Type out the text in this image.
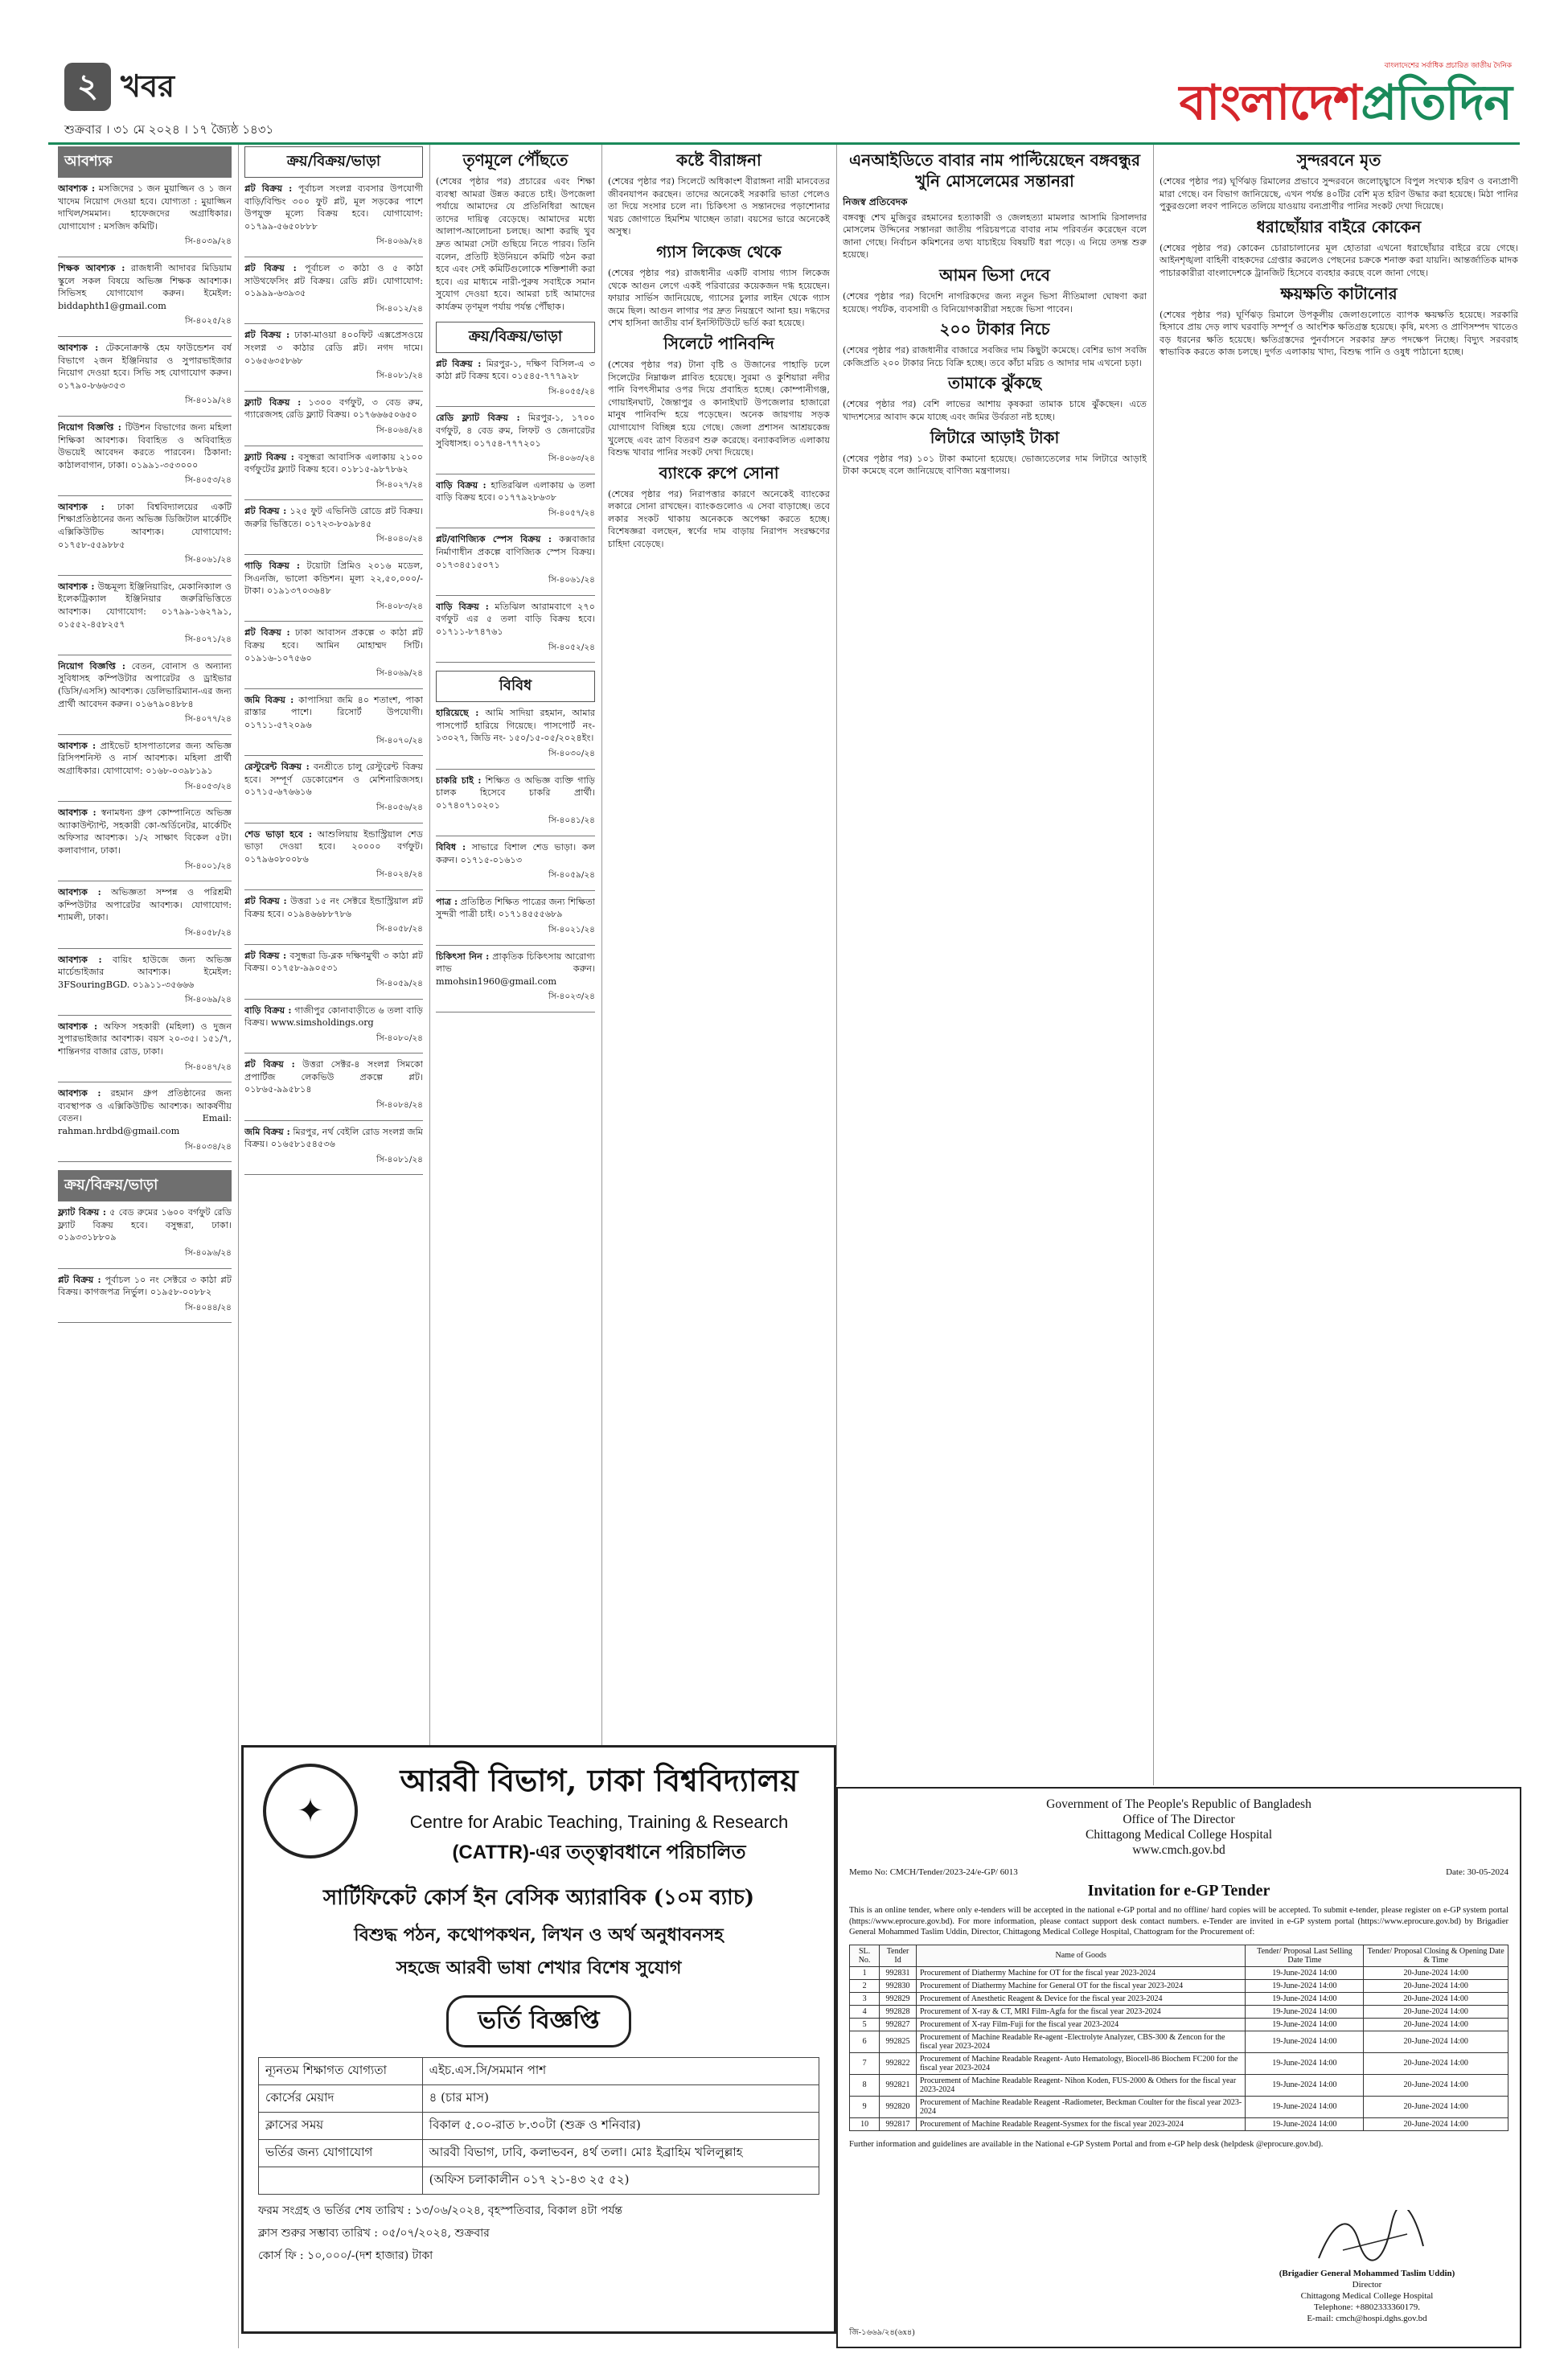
২ খবর
শুক্রবার । ৩১ মে ২০২৪ । ১৭ জ্যৈষ্ঠ ১৪৩১
বাংলাদেশের সর্বাধিক প্রচারিত জাতীয় দৈনিক
বাংলাদেশপ্রতিদিন
আবশ্যক

আবশ্যক : মসজিদের ১ জন মুয়াজ্জিন ও ১ জন খাদেম নিয়োগ দেওয়া হবে। যোগ্যতা : মুয়াজ্জিন দাখিল/সমমান। হাফেজদের অগ্রাধিকার। যোগাযোগ : মসজিদ কমিটি।

সি-৪০৩৯/২৪

শিক্ষক আবশ্যক : রাজধানী আদাবর মিডিয়াম স্কুলে সকল বিষয়ে অভিজ্ঞ শিক্ষক আবশ্যক। সিভিসহ যোগাযোগ করুন। ইমেইল: biddaphth1@gmail.com

সি-৪০২৫/২৪

আবশ্যক : টেকনোক্রাফ্ট হেম ফাউন্ডেশন বর্ষ বিভাগে ২জন ইঞ্জিনিয়ার ও সুপারভাইজার নিয়োগ দেওয়া হবে। সিভি সহ যোগাযোগ করুন। ০১৭৯০-৮৬৬৩৫৩

সি-৪০১৯/২৪

নিয়োগ বিজ্ঞপ্তি : টিউশন বিভাগের জন্য মহিলা শিক্ষিকা আবশ্যক। বিবাহিত ও অবিবাহিত উভয়েই আবেদন করতে পারবেন। ঠিকানা: কাঠালবাগান, ঢাকা। ০১৯৯১-৩৫৩০০০

সি-৪০৫৩/২৪

আবশ্যক : ঢাকা বিশ্ববিদ্যালয়ের একটি শিক্ষাপ্রতিষ্ঠানের জন্য অভিজ্ঞ ডিজিটাল মার্কেটিং এক্সিকিউটিভ আবশ্যক। যোগাযোগ: ০১৭৫৮-৫৫৯৮৮৫

সি-৪০৬১/২৪

আবশ্যক : উচ্চমূল্য ইঞ্জিনিয়ারিং, মেকানিক্যাল ও ইলেকট্রিক্যাল ইঞ্জিনিয়ার জরুরিভিত্তিতে আবশ্যক। যোগাযোগ: ০১৭৯৯-১৬২৭৯১, ০১৫৫২-৪৫৮২৫৭

সি-৪০৭১/২৪

নিয়োগ বিজ্ঞপ্তি : বেতন, বোনাস ও অন্যান্য সুবিধাসহ কম্পিউটার অপারেটর ও ড্রাইভার (ডিসি/এসসি) আবশ্যক। ডেলিভারিম্যান-এর জন্য প্রার্থী আবেদন করুন। ০১৬৭৯০৪৮৮৪

সি-৪০৭৭/২৪

আবশ্যক : প্রাইভেট হাসপাতালের জন্য অভিজ্ঞ রিসিপশনিস্ট ও নার্স আবশ্যক। মহিলা প্রার্থী অগ্রাধিকার। যোগাযোগ: ০১৬৮-০৩৯৮১৯১

সি-৪০৫৩/২৪

আবশ্যক : স্বনামধন্য গ্রুপ কোম্পানিতে অভিজ্ঞ অ্যাকাউন্ট্যান্ট, সহকারী কো-অর্ডিনেটর, মার্কেটিং অফিসার আবশ্যক। ১/২ সাক্ষাৎ বিকেল ৫টা। কলাবাগান, ঢাকা।

সি-৪০০১/২৪

আবশ্যক : অভিজ্ঞতা সম্পন্ন ও পরিশ্রমী কম্পিউটার অপারেটর আবশ্যক। যোগাযোগ: শ্যামলী, ঢাকা।

সি-৪০৫৮/২৪

আবশ্যক : বায়িং হাউজে জন্য অভিজ্ঞ মার্চেন্ডাইজার আবশ্যক। ইমেইল: 3FSouringBGD. ০১৯১১-৩৫৬৬৬

সি-৪০৬৯/২৪

আবশ্যক : অফিস সহকারী (মহিলা) ও দুজন সুপারভাইজার আবশ্যক। বয়স ২০-৩৫। ১৫১/৭, শান্তিনগর বাজার রোড, ঢাকা।

সি-৪০৪৭/২৪

আবশ্যক : রহমান গ্রুপ প্রতিষ্ঠানের জন্য ব্যবস্থাপক ও এক্সিকিউটিভ আবশ্যক। আকর্ষণীয় বেতন। Email: rahman.hrdbd@gmail.com

সি-৪০৩৪/২৪
ক্রয়/বিক্রয়/ভাড়া

ফ্ল্যাট বিক্রয় : ৫ বেড রুমের ১৬০০ বর্গফুট রেডি ফ্ল্যাট বিক্রয় হবে। বসুন্ধরা, ঢাকা। ০১৯৩৩১৮৮০৯

সি-৪০৯৬/২৪

প্লট বিক্রয় : পূর্বাচল ১০ নং সেক্টরে ৩ কাঠা প্লট বিক্রয়। কাগজপত্র নির্ভুল। ০১৯৫৮-০০৮৮২

সি-৪০৪৪/২৪
ক্রয়/বিক্রয়/ভাড়া

প্লট বিক্রয় : পূর্বাচল সংলগ্ন ব্যবসার উপযোগী বাড়ি/বিল্ডিং ৩০০ ফুট প্লট, মূল সড়কের পাশে উপযুক্ত মূল্যে বিক্রয় হবে। যোগাযোগ: ০১৭৯৯-৫৬৫০৮৮৮

সি-৪০৬৯/২৪

প্লট বিক্রয় : পূর্বাচল ৩ কাঠা ও ৫ কাঠা সাউথফেসিং প্লট বিক্রয়। রেডি প্লট। যোগাযোগ: ০১৯৯৯-৬৩৯৩৫

সি-৪০১২/২৪

প্লট বিক্রয় : ঢাকা-মাওয়া ৪০০ফিট এক্সপ্রেসওয়ে সংলগ্ন ৩ কাঠার রেডি প্লট। নগদ দামে। ০১৬৫৬৩৫৮৬৮

সি-৪০৮১/২৪

ফ্ল্যাট বিক্রয় : ১৩০০ বর্গফুট, ৩ বেড রুম, গ্যারেজসহ রেডি ফ্ল্যাট বিক্রয়। ০১৭৬৬৬৫০৬৫০

সি-৪০৬৪/২৪

ফ্ল্যাট বিক্রয় : বসুন্ধরা আবাসিক এলাকায় ২১০০ বর্গফুটের ফ্ল্যাট বিক্রয় হবে। ০১৮১৫-৯৮৭৮৬২

সি-৪০২৭/২৪

প্লট বিক্রয় : ১২৫ ফুট এভিনিউ রোডে প্লট বিক্রয়। জরুরি ভিত্তিতে। ০১৭২৩-৮০৯৮৪৫

সি-৪০৪০/২৪

গাড়ি বিক্রয় : টয়োটা প্রিমিও ২০১৬ মডেল, সিএনজি, ভালো কন্ডিশন। মূল্য ২২,৫০,০০০/- টাকা। ০১৯১৩৭০৩৬৪৮

সি-৪০৮৩/২৪

প্লট বিক্রয় : ঢাকা আবাসন প্রকল্পে ৩ কাঠা প্লট বিক্রয় হবে। আমিন মোহাম্মদ সিটি। ০১৯১৬-১০৭৫৬০

সি-৪০৬৯/২৪

জমি বিক্রয় : কাপাসিয়া জমি ৪০ শতাংশ, পাকা রাস্তার পাশে। রিসোর্ট উপযোগী। ০১৭১১-৫৭২০৯৬

সি-৪০৭০/২৪

রেস্টুরেন্ট বিক্রয় : বনশ্রীতে চালু রেস্টুরেন্ট বিক্রয় হবে। সম্পূর্ণ ডেকোরেশন ও মেশিনারিজসহ। ০১৭১৫-৬৭৬৬১৬

সি-৪০৫৬/২৪

শেড ভাড়া হবে : আশুলিয়ায় ইন্ডাস্ট্রিয়াল শেড ভাড়া দেওয়া হবে। ২০০০০ বর্গফুট। ০১৭৯৬০৮০০৮৬

সি-৪০২৪/২৪

প্লট বিক্রয় : উত্তরা ১৫ নং সেক্টরে ইন্ডাস্ট্রিয়াল প্লট বিক্রয় হবে। ০১৯৪৬৬৮৮৭৮৬

সি-৪০৫৮/২৪

প্লট বিক্রয় : বসুন্ধরা ডি-ব্লক দক্ষিণমুখী ৩ কাঠা প্লট বিক্রয়। ০১৭৫৮-৯৯০৫৩১

সি-৪০৫৯/২৪

বাড়ি বিক্রয় : গাজীপুর কোনাবাড়ীতে ৬ তলা বাড়ি বিক্রয়। www.simsholdings.org

সি-৪০৮০/২৪

প্লট বিক্রয় : উত্তরা সেক্টর-৪ সংলগ্ন সিমকো প্রপার্টিজ লেকভিউ প্রকল্পে প্লট। ০১৮৬৫-৯৯৫৮১৪

সি-৪০৮৪/২৪

জমি বিক্রয় : মিরপুর, নর্থ বেইলি রোড সংলগ্ন জমি বিক্রয়। ০১৬৫৮১৫৪৫৩৬

সি-৪০৮১/২৪
তৃণমূলে পৌঁছতে

(শেষের পৃষ্ঠার পর) প্রচারের এবং শিক্ষা ব্যবস্থা আমরা উন্নত করতে চাই। উপজেলা পর্যায়ে আমাদের যে প্রতিনিধিরা আছেন তাদের দায়িত্ব বেড়েছে। আমাদের মধ্যে আলাপ-আলোচনা চলছে। আশা করছি খুব দ্রুত আমরা সেটা গুছিয়ে নিতে পারব। তিনি বলেন, প্রতিটি ইউনিয়নে কমিটি গঠন করা হবে এবং সেই কমিটিগুলোকে শক্তিশালী করা হবে। এর মাধ্যমে নারী-পুরুষ সবাইকে সমান সুযোগ দেওয়া হবে। আমরা চাই আমাদের কার্যক্রম তৃণমূল পর্যায় পর্যন্ত পৌঁছাক।

ক্রয়/বিক্রয়/ভাড়া

প্লট বিক্রয় : মিরপুর-১, দক্ষিণ বিসিল-এ ৩ কাঠা প্লট বিক্রয় হবে। ০১৫৪৫-৭৭৭৯২৮

সি-৪০৫৫/২৪

রেডি ফ্ল্যাট বিক্রয় : মিরপুর-১, ১৭০০ বর্গফুট, ৪ বেড রুম, লিফট ও জেনারেটর সুবিধাসহ। ০১৭৫৪-৭৭৭২০১

সি-৪০৬৩/২৪

বাড়ি বিক্রয় : হাতিরঝিল এলাকায় ৬ তলা বাড়ি বিক্রয় হবে। ০১৭৭৯২৮৬৩৮

সি-৪০৫৭/২৪

প্লট/বাণিজ্যিক স্পেস বিক্রয় : কক্সবাজার নির্মাণাধীন প্রকল্পে বাণিজ্যিক স্পেস বিক্রয়। ০১৭৩৪৫১৫০৭১

সি-৪০৬১/২৪

বাড়ি বিক্রয় : মতিঝিল আরামবাগে ২৭০ বর্গফুট এর ৫ তলা বাড়ি বিক্রয় হবে। ০১৭১১-৮৭৪৭৬১

সি-৪০৫২/২৪
বিবিধ

হারিয়েছে : আমি সাদিয়া রহমান, আমার পাসপোর্ট হারিয়ে গিয়েছে। পাসপোর্ট নং- ১৩০২৭, জিডি নং- ১৫০/১৫-০৫/২০২৪ইং।

সি-৪০৩০/২৪

চাকরি চাই : শিক্ষিত ও অভিজ্ঞ ব্যক্তি গাড়ি চালক হিসেবে চাকরি প্রার্থী। ০১৭৪০৭১০২০১

সি-৪০৪১/২৪

বিবিধ : সাভারে বিশাল শেড ভাড়া। কল করুন। ০১৭১৫-০১৬১৩

সি-৪০৫৯/২৪

পাত্র : প্রতিষ্ঠিত শিক্ষিত পাত্রের জন্য শিক্ষিতা সুন্দরী পাত্রী চাই। ০১৭১৪৫৫৫৬৮৯

সি-৪০২১/২৪

চিকিৎসা নিন : প্রাকৃতিক চিকিৎসায় আরোগ্য লাভ করুন। mmohsin1960@gmail.com

সি-৪০২৩/২৪
কষ্টে বীরাঙ্গনা

(শেষের পৃষ্ঠার পর) সিলেটে অধিকাংশ বীরাঙ্গনা নারী মানবেতর জীবনযাপন করছেন। তাদের অনেকেই সরকারি ভাতা পেলেও তা দিয়ে সংসার চলে না। চিকিৎসা ও সন্তানদের পড়াশোনার খরচ জোগাতে হিমশিম খাচ্ছেন তারা। বয়সের ভারে অনেকেই অসুস্থ।

গ্যাস লিকেজ থেকে

(শেষের পৃষ্ঠার পর) রাজধানীর একটি বাসায় গ্যাস লিকেজ থেকে আগুন লেগে একই পরিবারের কয়েকজন দগ্ধ হয়েছেন। ফায়ার সার্ভিস জানিয়েছে, গ্যাসের চুলার লাইন থেকে গ্যাস জমে ছিল। আগুন লাগার পর দ্রুত নিয়ন্ত্রণে আনা হয়। দগ্ধদের শেখ হাসিনা জাতীয় বার্ন ইনস্টিটিউটে ভর্তি করা হয়েছে।

সিলেটে পানিবন্দি

(শেষের পৃষ্ঠার পর) টানা বৃষ্টি ও উজানের পাহাড়ি ঢলে সিলেটের নিম্নাঞ্চল প্লাবিত হয়েছে। সুরমা ও কুশিয়ারা নদীর পানি বিপৎসীমার ওপর দিয়ে প্রবাহিত হচ্ছে। কোম্পানীগঞ্জ, গোয়াইনঘাট, জৈন্তাপুর ও কানাইঘাট উপজেলার হাজারো মানুষ পানিবন্দি হয়ে পড়েছেন। অনেক জায়গায় সড়ক যোগাযোগ বিচ্ছিন্ন হয়ে গেছে। জেলা প্রশাসন আশ্রয়কেন্দ্র খুলেছে এবং ত্রাণ বিতরণ শুরু করেছে। বন্যাকবলিত এলাকায় বিশুদ্ধ খাবার পানির সংকট দেখা দিয়েছে।

ব্যাংকে রুপে সোনা

(শেষের পৃষ্ঠার পর) নিরাপত্তার কারণে অনেকেই ব্যাংকের লকারে সোনা রাখছেন। ব্যাংকগুলোও এ সেবা বাড়াচ্ছে। তবে লকার সংকট থাকায় অনেককে অপেক্ষা করতে হচ্ছে। বিশেষজ্ঞরা বলছেন, স্বর্ণের দাম বাড়ায় নিরাপদ সংরক্ষণের চাহিদা বেড়েছে।

এনআইডিতে বাবার নাম পাল্টিয়েছেন বঙ্গবন্ধুর খুনি মোসলেমের সন্তানরা
নিজস্ব প্রতিবেদক

বঙ্গবন্ধু শেখ মুজিবুর রহমানের হত্যাকারী ও জেলহত্যা মামলার আসামি রিসালদার মোসলেম উদ্দিনের সন্তানরা জাতীয় পরিচয়পত্রে বাবার নাম পরিবর্তন করেছেন বলে জানা গেছে। নির্বাচন কমিশনের তথ্য যাচাইয়ে বিষয়টি ধরা পড়ে। এ নিয়ে তদন্ত শুরু হয়েছে।

আমন ভিসা দেবে

(শেষের পৃষ্ঠার পর) বিদেশি নাগরিকদের জন্য নতুন ভিসা নীতিমালা ঘোষণা করা হয়েছে। পর্যটক, ব্যবসায়ী ও বিনিয়োগকারীরা সহজে ভিসা পাবেন।

২০০ টাকার নিচে

(শেষের পৃষ্ঠার পর) রাজধানীর বাজারে সবজির দাম কিছুটা কমেছে। বেশির ভাগ সবজি কেজিপ্রতি ২০০ টাকার নিচে বিক্রি হচ্ছে। তবে কাঁচা মরিচ ও আদার দাম এখনো চড়া।

তামাকে ঝুঁকছে

(শেষের পৃষ্ঠার পর) বেশি লাভের আশায় কৃষকরা তামাক চাষে ঝুঁকছেন। এতে খাদ্যশস্যের আবাদ কমে যাচ্ছে এবং জমির উর্বরতা নষ্ট হচ্ছে।

লিটারে আড়াই টাকা

(শেষের পৃষ্ঠার পর) ১০১ টাকা কমানো হয়েছে। ভোজ্যতেলের দাম লিটারে আড়াই টাকা কমেছে বলে জানিয়েছে বাণিজ্য মন্ত্রণালয়।

সুন্দরবনে মৃত

(শেষের পৃষ্ঠার পর) ঘূর্ণিঝড় রিমালের প্রভাবে সুন্দরবনে জলোচ্ছ্বাসে বিপুল সংখ্যক হরিণ ও বন্যপ্রাণী মারা গেছে। বন বিভাগ জানিয়েছে, এখন পর্যন্ত ৪০টির বেশি মৃত হরিণ উদ্ধার করা হয়েছে। মিঠা পানির পুকুরগুলো লবণ পানিতে তলিয়ে যাওয়ায় বন্যপ্রাণীর পানির সংকট দেখা দিয়েছে।

ধরাছোঁয়ার বাইরে কোকেন

(শেষের পৃষ্ঠার পর) কোকেন চোরাচালানের মূল হোতারা এখনো ধরাছোঁয়ার বাইরে রয়ে গেছে। আইনশৃঙ্খলা বাহিনী বাহকদের গ্রেপ্তার করলেও পেছনের চক্রকে শনাক্ত করা যায়নি। আন্তর্জাতিক মাদক পাচারকারীরা বাংলাদেশকে ট্রানজিট হিসেবে ব্যবহার করছে বলে জানা গেছে।

ক্ষয়ক্ষতি কাটানোর

(শেষের পৃষ্ঠার পর) ঘূর্ণিঝড় রিমালে উপকূলীয় জেলাগুলোতে ব্যাপক ক্ষয়ক্ষতি হয়েছে। সরকারি হিসাবে প্রায় দেড় লাখ ঘরবাড়ি সম্পূর্ণ ও আংশিক ক্ষতিগ্রস্ত হয়েছে। কৃষি, মৎস্য ও প্রাণিসম্পদ খাতেও বড় ধরনের ক্ষতি হয়েছে। ক্ষতিগ্রস্তদের পুনর্বাসনে সরকার দ্রুত পদক্ষেপ নিচ্ছে। বিদ্যুৎ সরবরাহ স্বাভাবিক করতে কাজ চলছে। দুর্গত এলাকায় খাদ্য, বিশুদ্ধ পানি ও ওষুধ পাঠানো হচ্ছে।

✦
আরবী বিভাগ, ঢাকা বিশ্ববিদ্যালয়
Centre for Arabic Teaching, Training & Research
(CATTR)-এর তত্ত্বাবধানে পরিচালিত
সার্টিফিকেট কোর্স ইন বেসিক অ্যারাবিক (১০ম ব্যাচ)
বিশুদ্ধ পঠন, কথোপকথন, লিখন ও অর্থ অনুধাবনসহ
সহজে আরবী ভাষা শেখার বিশেষ সুযোগ
ভর্তি বিজ্ঞপ্তি
ন্যূনতম শিক্ষাগত যোগ্যতা	এইচ.এস.সি/সমমান পাশ
কোর্সের মেয়াদ	৪ (চার মাস)
ক্লাসের সময়	বিকাল ৫.০০-রাত ৮.৩০টা (শুক্র ও শনিবার)
ভর্তির জন্য যোগাযোগ	আরবী বিভাগ, ঢাবি, কলাভবন, ৪র্থ তলা। মোঃ ইব্রাহিম খলিলুল্লাহ
	(অফিস চলাকালীন ০১৭ ২১-৪৩ ২৫ ৫২)
ফরম সংগ্রহ ও ভর্তির শেষ তারিখ : ১৩/০৬/২০২৪, বৃহস্পতিবার, বিকাল ৪টা পর্যন্ত
ক্লাস শুরুর সম্ভাব্য তারিখ : ০৫/০৭/২০২৪, শুক্রবার
কোর্স ফি : ১০,০০০/-(দশ হাজার) টাকা
Government of The People's Republic of Bangladesh
Office of The Director
Chittagong Medical College Hospital
www.cmch.gov.bd
Memo No: CMCH/Tender/2023-24/e-GP/ 6013	Date: 30-05-2024
Invitation for e-GP Tender
This is an online tender, where only e-tenders will be accepted in the national e-GP portal and no offline/ hard copies will be accepted. To submit e-tender, please register on e-GP system portal (https://www.eprocure.gov.bd). For more information, please contact support desk contact numbers. e-Tender are invited in e-GP system portal (https://www.eprocure.gov.bd) by Brigadier General Mohammed Taslim Uddin, Director, Chittagong Medical College Hospital, Chattogram for the Procurement of:
SL. No.	Tender Id	Name of Goods	Tender/ Proposal Last Selling Date Time	Tender/ Proposal Closing & Opening Date & Time
1	992831	Procurement of Diathermy Machine for OT for the fiscal year 2023-2024	19-June-2024 14:00	20-June-2024 14:00
2	992830	Procurement of Diathermy Machine for General OT for the fiscal year 2023-2024	19-June-2024 14:00	20-June-2024 14:00
3	992829	Procurement of Anesthetic Reagent & Device for the fiscal year 2023-2024	19-June-2024 14:00	20-June-2024 14:00
4	992828	Procurement of X-ray & CT, MRI Film-Agfa for the fiscal year 2023-2024	19-June-2024 14:00	20-June-2024 14:00
5	992827	Procurement of X-ray Film-Fuji for the fiscal year 2023-2024	19-June-2024 14:00	20-June-2024 14:00
6	992825	Procurement of Machine Readable Re-agent -Electrolyte Analyzer, CBS-300 & Zencon for the fiscal year 2023-2024	19-June-2024 14:00	20-June-2024 14:00
7	992822	Procurement of Machine Readable Reagent- Auto Hematology, Biocell-86 Biochem FC200 for the fiscal year 2023-2024	19-June-2024 14:00	20-June-2024 14:00
8	992821	Procurement of Machine Readable Reagent- Nihon Koden, FUS-2000 & Others for the fiscal year 2023-2024	19-June-2024 14:00	20-June-2024 14:00
9	992820	Procurement of Machine Readable Reagent -Radiometer, Beckman Coulter for the fiscal year 2023-2024	19-June-2024 14:00	20-June-2024 14:00
10	992817	Procurement of Machine Readable Reagent-Sysmex for the fiscal year 2023-2024	19-June-2024 14:00	20-June-2024 14:00
Further information and guidelines are available in the National e-GP System Portal and from e-GP help desk (helpdesk @eprocure.gov.bd).
(Brigadier General Mohammed Taslim Uddin)
Director
Chittagong Medical College Hospital
Telephone: +8802333360179.
E-mail: cmch@hospi.dghs.gov.bd
জি-১৬৬৯/২৪(৬x৪)
